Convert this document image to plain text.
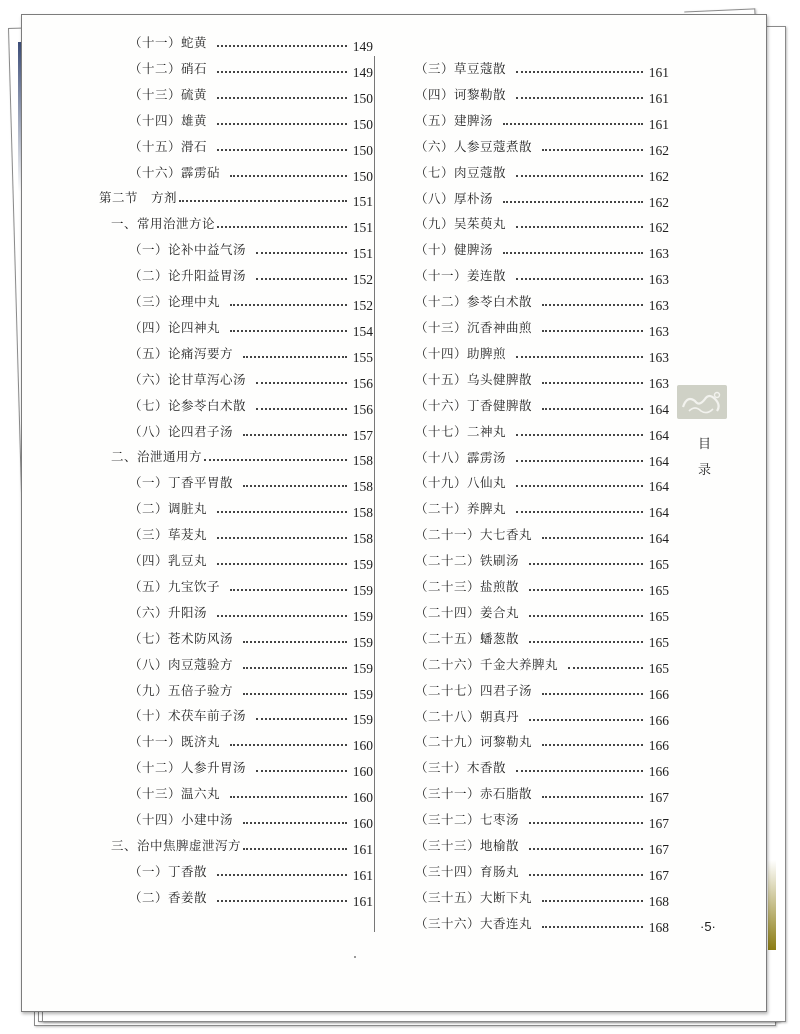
（十一）蛇黄	149
（十二）硝石	149
（十三）硫黄	150
（十四）雄黄	150
（十五）滑石	150
（十六）霹雳砧	150
第二节　方剂	151
一、常用治泄方论	151
（一）论补中益气汤	151
（二）论升阳益胃汤	152
（三）论理中丸	152
（四）论四神丸	154
（五）论痛泻要方	155
（六）论甘草泻心汤	156
（七）论参苓白术散	156
（八）论四君子汤	157
二、治泄通用方	158
（一）丁香平胃散	158
（二）调脏丸	158
（三）荜茇丸	158
（四）乳豆丸	159
（五）九宝饮子	159
（六）升阳汤	159
（七）苍术防风汤	159
（八）肉豆蔻验方	159
（九）五倍子验方	159
（十）术茯车前子汤	159
（十一）既济丸	160
（十二）人参升胃汤	160
（十三）温六丸	160
（十四）小建中汤	160
三、治中焦脾虚泄泻方	161
（一）丁香散	161
（二）香姜散	161
（三）草豆蔻散	161
（四）诃黎勒散	161
（五）建脾汤	161
（六）人参豆蔻煮散	162
（七）肉豆蔻散	162
（八）厚朴汤	162
（九）吴茱萸丸	162
（十）健脾汤	163
（十一）姜连散	163
（十二）参苓白术散	163
（十三）沉香神曲煎	163
（十四）助脾煎	163
（十五）乌头健脾散	163
（十六）丁香健脾散	164
（十七）二神丸	164
（十八）霹雳汤	164
（十九）八仙丸	164
（二十）养脾丸	164
（二十一）大七香丸	164
（二十二）铁刷汤	165
（二十三）盐煎散	165
（二十四）姜合丸	165
（二十五）蟠葱散	165
（二十六）千金大养脾丸	165
（二十七）四君子汤	166
（二十八）朝真丹	166
（二十九）诃黎勒丸	166
（三十）木香散	166
（三十一）赤石脂散	167
（三十二）七枣汤	167
（三十三）地榆散	167
（三十四）育肠丸	167
（三十五）大断下丸	168
（三十六）大香连丸	168
目
录
·5·
